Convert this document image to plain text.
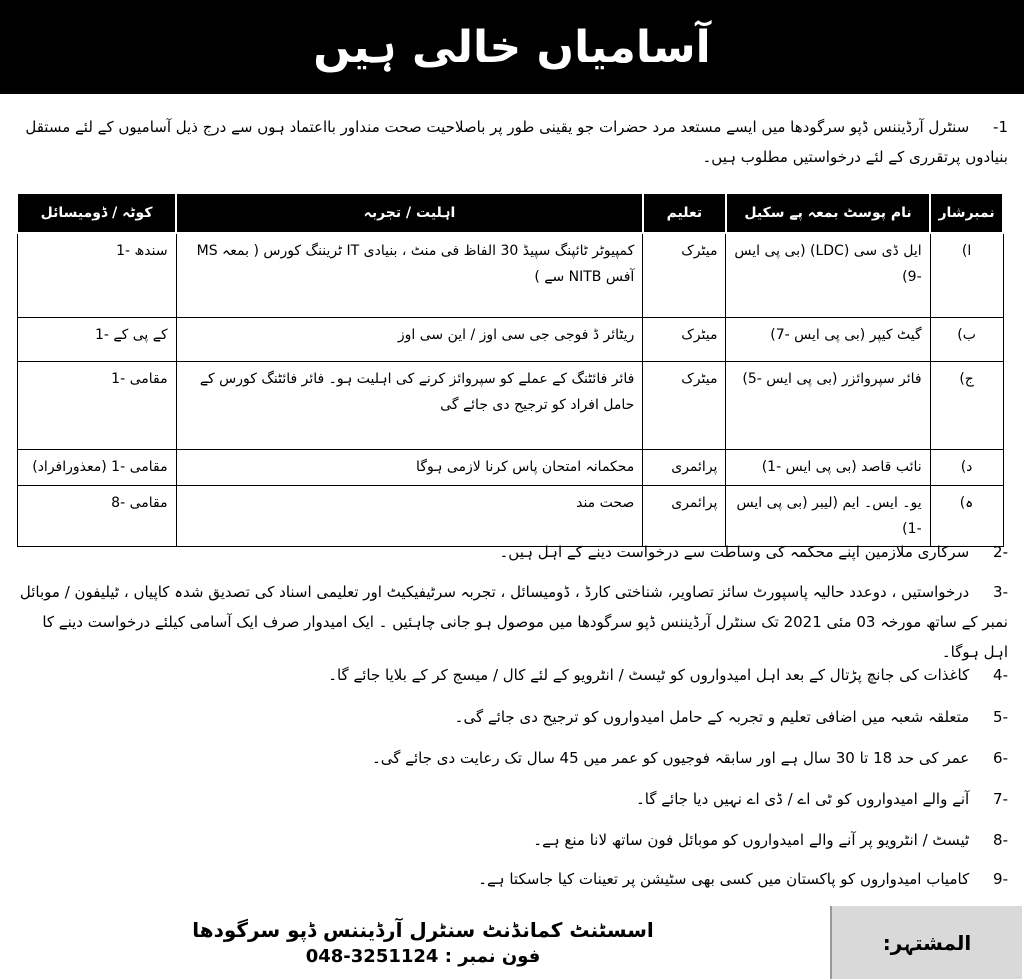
آسامیاں خالی ہیں
1- سنٹرل آرڈیننس ڈپو سرگودھا میں ایسے مستعد مرد حضرات جو یقینی طور پر باصلاحیت صحت منداور بااعتماد ہوں سے درج ذیل آسامیوں کے لئے مستقل بنیادوں پرتقرری کے لئے درخواستیں مطلوب ہیں۔
نمبرشار	نام پوسٹ بمعہ پے سکیل	تعلیم	اہلیت / تجربہ	کوٹہ / ڈومیسائل
ا)	ایل ڈی سی (LDC) (بی پی ایس -9)	میٹرک	کمپیوٹر ٹائپنگ سپیڈ 30 الفاظ فی منٹ ، بنیادی IT ٹریننگ کورس ( بمعہ MS آفس NITB سے )	سندھ -1
ب)	گیٹ کیپر (بی پی ایس -7)	میٹرک	ریٹائر ڈ فوجی جی سی اوز / این سی اوز	کے پی کے -1
ج)	فائر سپروائزر (بی پی ایس -5)	میٹرک	فائر فائٹنگ کے عملے کو سپروائز کرنے کی اہلیت ہو۔ فائر فائٹنگ کورس کے حامل افراد کو ترجیح دی جائے گی	مقامی -1
د)	نائب قاصد (بی پی ایس -1)	پرائمری	محکمانہ امتحان پاس کرنا لازمی ہوگا	مقامی -1 (معذورافراد)
ہ)	یو۔ ایس۔ ایم (لیبر (بی پی ایس -1)	پرائمری	صحت مند	مقامی -8
-2 سرکاری ملازمین اپنے محکمہ کی وساطت سے درخواست دینے کے اہل ہیں۔
-3 درخواستیں ، دوعدد حالیہ پاسپورٹ سائز تصاویر، شناختی کارڈ ، ڈومیسائل ، تجربہ سرٹیفیکیٹ اور تعلیمی اسناد کی تصدیق شدہ کاپیاں ، ٹیلیفون / موبائل نمبر کے ساتھ مورخہ 03 مئی 2021 تک سنٹرل آرڈیننس ڈپو سرگودھا میں موصول ہو جانی چاہئیں ۔ ایک امیدوار صرف ایک آسامی کیلئے درخواست دینے کا اہل ہوگا۔
-4 کاغذات کی جانچ پڑتال کے بعد اہل امیدواروں کو ٹیسٹ / انٹرویو کے لئے کال / میسج کر کے بلایا جائے گا۔
-5 متعلقہ شعبہ میں اضافی تعلیم و تجربہ کے حامل امیدواروں کو ترجیح دی جائے گی۔
-6 عمر کی حد 18 تا 30 سال ہے اور سابقہ فوجیوں کو عمر میں 45 سال تک رعایت دی جائے گی۔
-7 آنے والے امیدواروں کو ٹی اے / ڈی اے نہیں دیا جائے گا۔
-8 ٹیسٹ / انٹرویو پر آنے والے امیدواروں کو موبائل فون ساتھ لانا منع ہے۔
-9 کامیاب امیدواروں کو پاکستان میں کسی بھی سٹیشن پر تعینات کیا جاسکتا ہے۔
المشتہر:
اسسٹنٹ کمانڈنٹ سنٹرل آرڈیننس ڈپو سرگودھا
فون نمبر : 048-3251124
